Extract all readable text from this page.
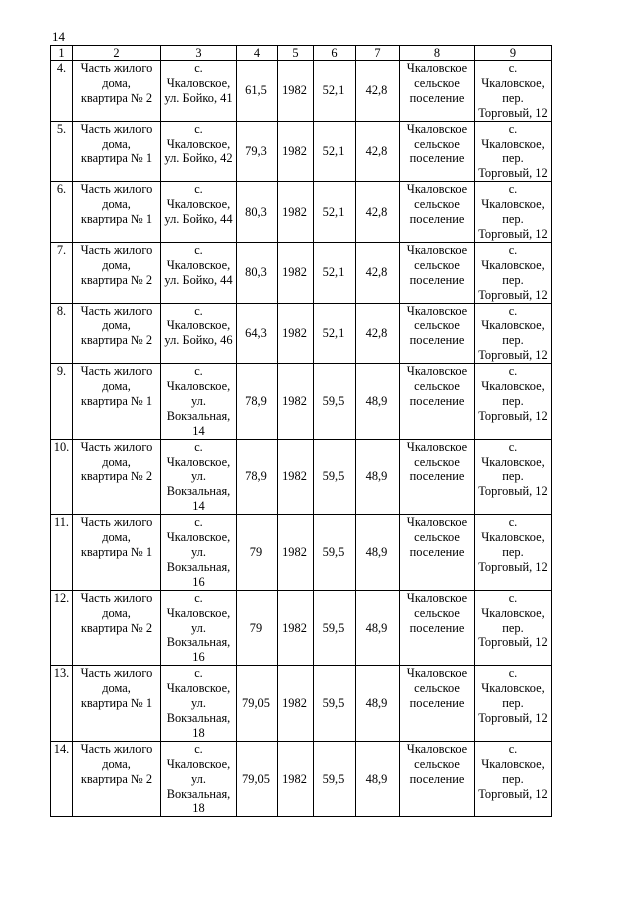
14
1	2	3	4	5	6	7	8	9
4.	Часть жилого
дома,
квартира № 2	с.
Чкаловское,
ул. Бойко, 41	61,5	1982	52,1	42,8	Чкаловское
сельское
поселение	с.
Чкаловское, пер.
Торговый, 12

5.	Часть жилого
дома,
квартира № 1	с.
Чкаловское,
ул. Бойко, 42	79,3	1982	52,1	42,8	Чкаловское
сельское
поселение	с.
Чкаловское,
пер.
Торговый, 12

6.	Часть жилого
дома,
квартира № 1	с.
Чкаловское,
ул. Бойко, 44	80,3	1982	52,1	42,8	Чкаловское
сельское
поселение	с.
Чкаловское,
пер.
Торговый, 12

7.	Часть жилого
дома,
квартира № 2	с.
Чкаловское,
ул. Бойко, 44	80,3	1982	52,1	42,8	Чкаловское
сельское
поселение	с.
Чкаловское,
пер.
Торговый, 12

8.	Часть жилого
дома,
квартира № 2	с.
Чкаловское,
ул. Бойко, 46	64,3	1982	52,1	42,8	Чкаловское
сельское
поселение	с.
Чкаловское,
пер.
Торговый, 12

9.	Часть жилого
дома,
квартира № 1	с.
Чкаловское,
ул.
Вокзальная,
14	78,9	1982	59,5	48,9	Чкаловское
сельское
поселение	с.
Чкаловское,
пер.
Торговый, 12

10.	Часть жилого
дома,
квартира № 2	с.
Чкаловское,
ул.
Вокзальная,
14	78,9	1982	59,5	48,9	Чкаловское
сельское
поселение	с.
Чкаловское,
пер.
Торговый, 12

11.	Часть жилого
дома,
квартира № 1	с.
Чкаловское,
ул.
Вокзальная,
16	79	1982	59,5	48,9	Чкаловское
сельское
поселение	с.
Чкаловское,
пер.
Торговый, 12

12.	Часть жилого
дома,
квартира № 2	с.
Чкаловское,
ул.
Вокзальная,
16	79	1982	59,5	48,9	Чкаловское
сельское
поселение	с.
Чкаловское,
пер.
Торговый, 12

13.	Часть жилого
дома,
квартира № 1	с.
Чкаловское,
ул.
Вокзальная,
18	79,05	1982	59,5	48,9	Чкаловское
сельское
поселение	с.
Чкаловское,
пер.
Торговый, 12

14.	Часть жилого
дома,
квартира № 2	с.
Чкаловское,
ул.
Вокзальная,
18	79,05	1982	59,5	48,9	Чкаловское
сельское
поселение	с.
Чкаловское,
пер.
Торговый, 12
